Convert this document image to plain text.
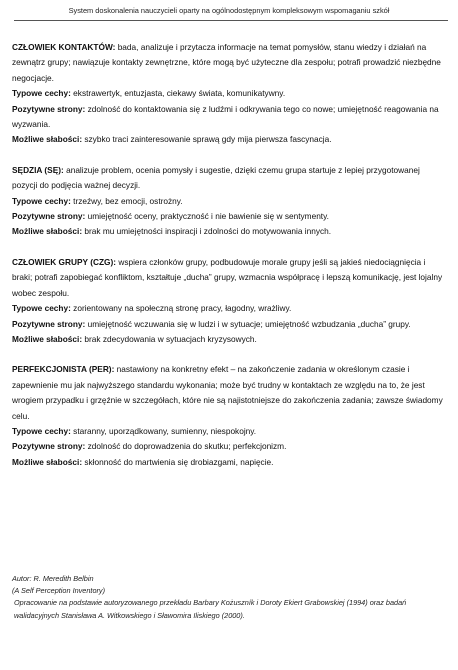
System doskonalenia nauczycieli oparty na ogólnodostępnym kompleksowym wspomaganiu szkół

CZŁOWIEK KONTAKTÓW: bada, analizuje i przytacza informacje na temat pomysłów, stanu wiedzy i działań na zewnątrz grupy; nawiązuje kontakty zewnętrzne, które mogą być użyteczne dla zespołu; potrafi prowadzić niezbędne negocjacje.

Typowe cechy: ekstrawertyk, entuzjasta, ciekawy świata, komunikatywny.

Pozytywne strony: zdolność do kontaktowania się z ludźmi i odkrywania tego co nowe; umiejętność reagowania na wyzwania.

Możliwe słabości: szybko traci zainteresowanie sprawą gdy mija pierwsza fascynacja.

SĘDZIA (SĘ): analizuje problem, ocenia pomysły i sugestie, dzięki czemu grupa startuje z lepiej przygotowanej pozycji do podjęcia ważnej decyzji.

Typowe cechy: trzeźwy, bez emocji, ostrożny.

Pozytywne strony: umiejętność oceny, praktyczność i nie bawienie się w sentymenty.

Możliwe słabości: brak mu umiejętności inspiracji i zdolności do motywowania innych.

CZŁOWIEK GRUPY (CZG): wspiera członków grupy, podbudowuje morale grupy jeśli są jakieś niedociągnięcia i braki; potrafi zapobiegać konfliktom, kształtuje „ducha” grupy, wzmacnia współpracę i lepszą komunikację, jest lojalny wobec zespołu.

Typowe cechy: zorientowany na społeczną stronę pracy, łagodny, wrażliwy.

Pozytywne strony: umiejętność wczuwania się w ludzi i w sytuacje; umiejętność wzbudzania „ducha” grupy.

Możliwe słabości: brak zdecydowania w sytuacjach kryzysowych.

PERFEKCJONISTA (PER): nastawiony na konkretny efekt – na zakończenie zadania w określonym czasie i zapewnienie mu jak najwyższego standardu wykonania; może być trudny w kontaktach ze względu na to, że jest wrogiem przypadku i grzęźnie w szczegółach, które nie są najistotniejsze do zakończenia zadania; zawsze świadomy celu.

Typowe cechy: staranny, uporządkowany, sumienny, niespokojny.

Pozytywne strony: zdolność do doprowadzenia do skutku; perfekcjonizm.

Możliwe słabości: skłonność do martwienia się drobiazgami, napięcie.

Autor: R. Meredith Belbin

(A Self Perception Inventory)

Opracowanie na podstawie autoryzowanego przekładu Barbary Kożuszník i Doroty Ekiert Grabowskiej (1994) oraz badań walidacyjnych Stanisława A. Witkowskiego i Sławomira Iliskiego (2000).
